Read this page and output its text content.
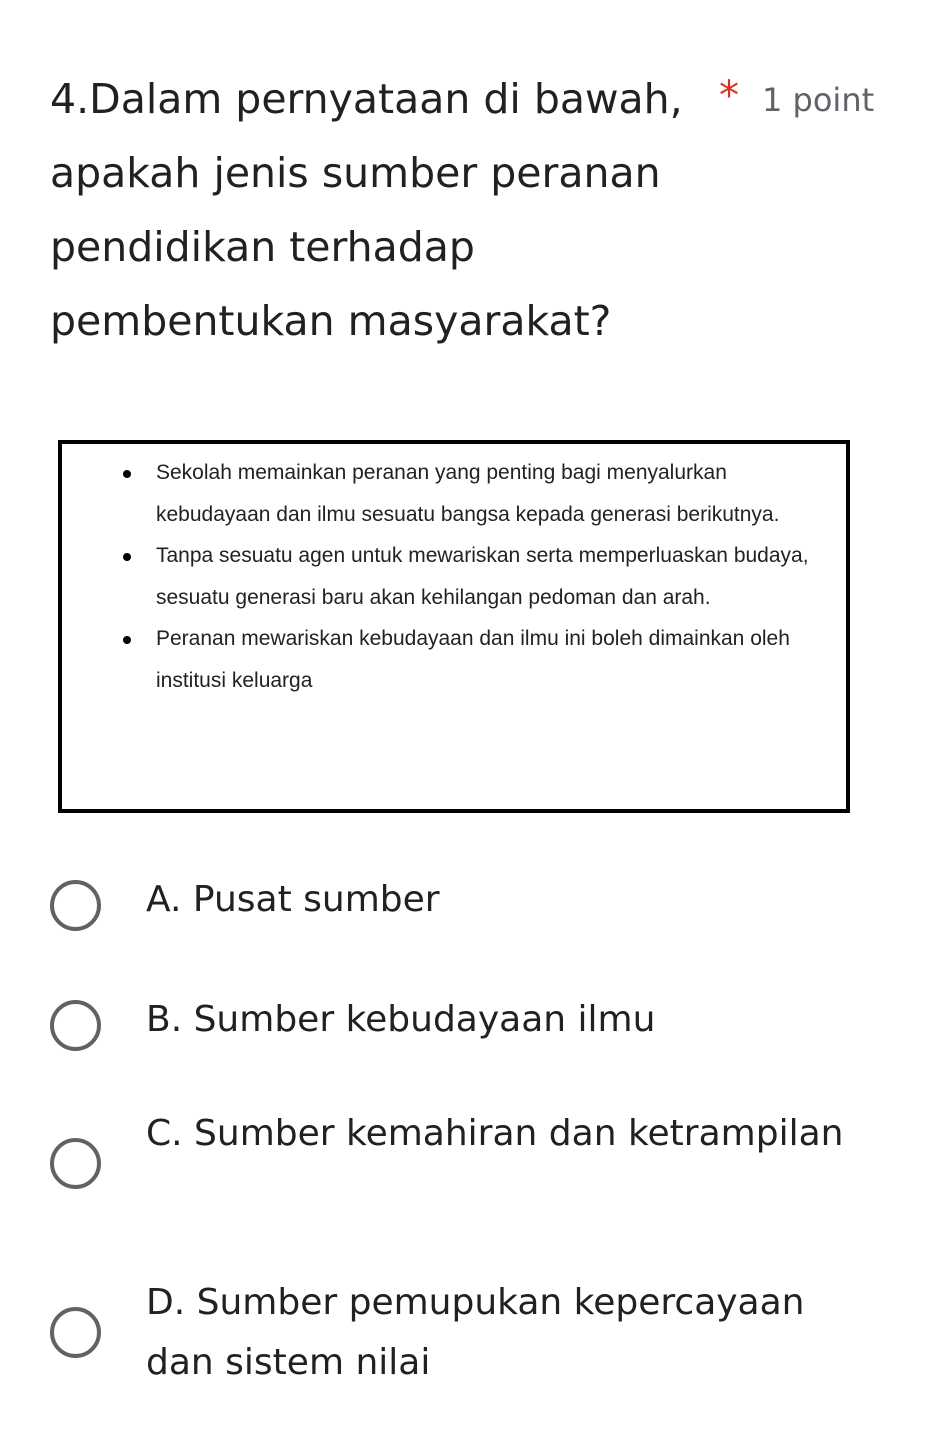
4.Dalam pernyataan di bawah, apakah jenis sumber peranan pendidikan terhadap pembentukan masyarakat?
* 1 point
Sekolah memainkan peranan yang penting bagi menyalurkan kebudayaan dan ilmu sesuatu bangsa kepada generasi berikutnya.
Tanpa sesuatu agen untuk mewariskan serta memperluaskan budaya, sesuatu generasi baru akan kehilangan pedoman dan arah.
Peranan mewariskan kebudayaan dan ilmu ini boleh dimainkan oleh institusi keluarga
A. Pusat sumber
B. Sumber kebudayaan ilmu
C. Sumber kemahiran dan ketrampilan
D. Sumber pemupukan kepercayaan dan sistem nilai
